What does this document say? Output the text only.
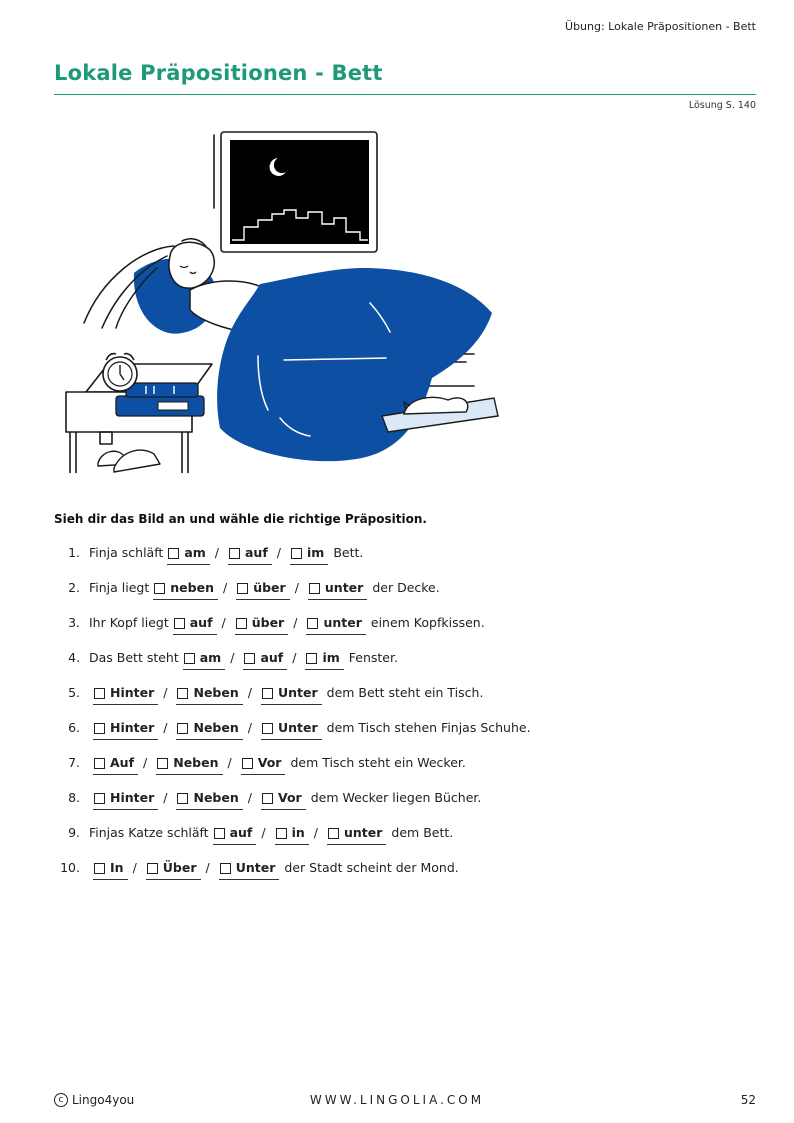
Übung: Lokale Präpositionen - Bett
Lokale Präpositionen - Bett
Lösung S. 140
Sieh dir das Bild an und wähle die richtige Präposition.
1. Finja schläft am / auf / im Bett.
2. Finja liegt neben / über / unter der Decke.
3. Ihr Kopf liegt auf / über / unter einem Kopfkissen.
4. Das Bett steht am / auf / im Fenster.
5. Hinter / Neben / Unter dem Bett steht ein Tisch.
6. Hinter / Neben / Unter dem Tisch stehen Finjas Schuhe.
7. Auf / Neben / Vor dem Tisch steht ein Wecker.
8. Hinter / Neben / Vor dem Wecker liegen Bücher.
9. Finjas Katze schläft auf / in / unter dem Bett.
10. In / Über / Unter der Stadt scheint der Mond.
c Lingo4you	WWW.LINGOLIA.COM	52
